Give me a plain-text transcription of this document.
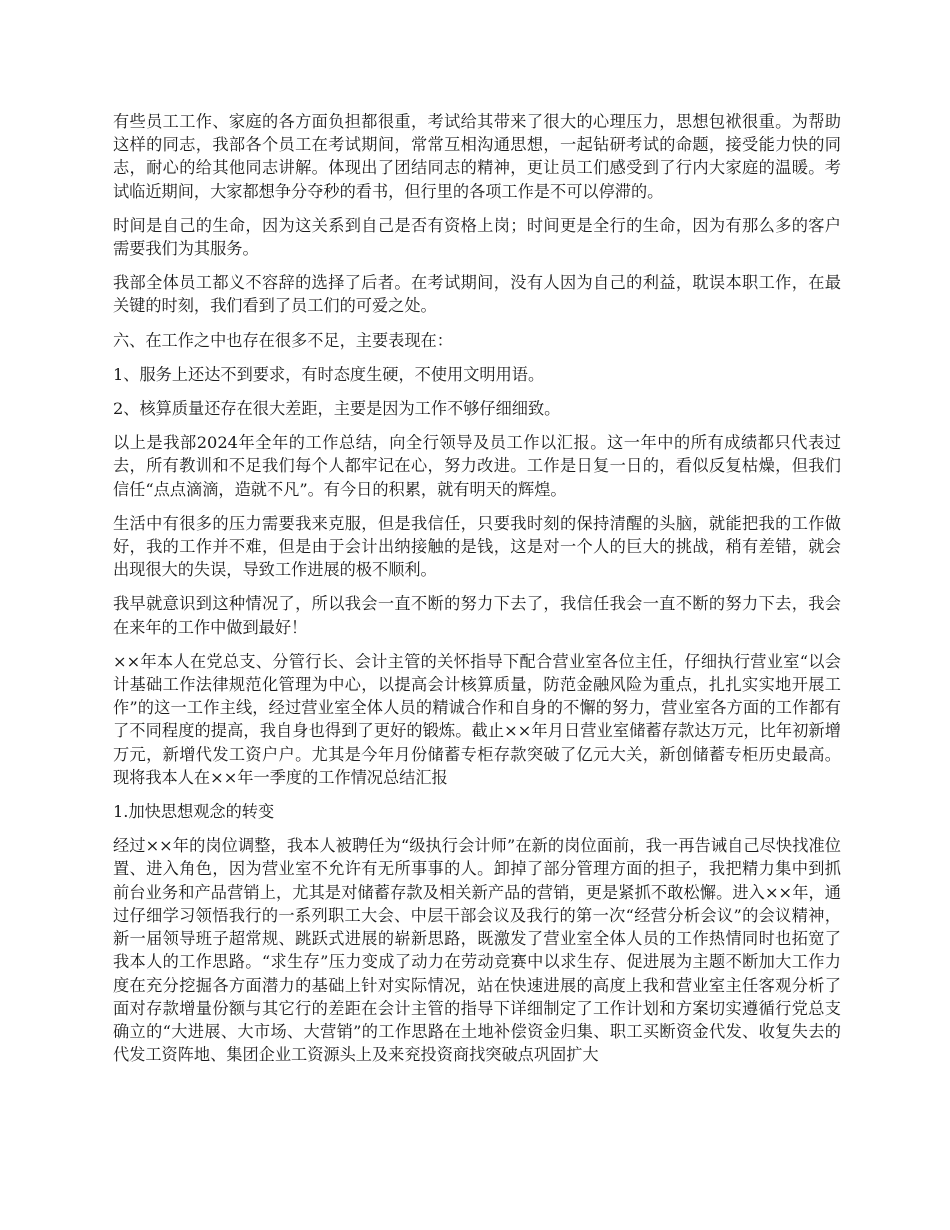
有些员工工作、家庭的各方面负担都很重，考试给其带来了很大的心理压力，思想包袱很重。为帮助这样的同志，我部各个员工在考试期间，常常互相沟通思想，一起钻研考试的命题，接受能力快的同志，耐心的给其他同志讲解。体现出了团结同志的精神，更让员工们感受到了行内大家庭的温暖。考试临近期间，大家都想争分夺秒的看书，但行里的各项工作是不可以停滞的。

时间是自己的生命，因为这关系到自己是否有资格上岗；时间更是全行的生命，因为有那么多的客户需要我们为其服务。

我部全体员工都义不容辞的选择了后者。在考试期间，没有人因为自己的利益，耽误本职工作，在最关键的时刻，我们看到了员工们的可爱之处。

六、在工作之中也存在很多不足，主要表现在：

1、服务上还达不到要求，有时态度生硬，不使用文明用语。

2、核算质量还存在很大差距，主要是因为工作不够仔细细致。

以上是我部2024年全年的工作总结，向全行领导及员工作以汇报。这一年中的所有成绩都只代表过去，所有教训和不足我们每个人都牢记在心，努力改进。工作是日复一日的，看似反复枯燥，但我们信任“点点滴滴，造就不凡”。有今日的积累，就有明天的辉煌。

生活中有很多的压力需要我来克服，但是我信任，只要我时刻的保持清醒的头脑，就能把我的工作做好，我的工作并不难，但是由于会计出纳接触的是钱，这是对一个人的巨大的挑战，稍有差错，就会出现很大的失误，导致工作进展的极不顺利。

我早就意识到这种情况了，所以我会一直不断的努力下去了，我信任我会一直不断的努力下去，我会在来年的工作中做到最好！

××年本人在党总支、分管行长、会计主管的关怀指导下配合营业室各位主任，仔细执行营业室“以会计基础工作法律规范化管理为中心，以提高会计核算质量，防范金融风险为重点，扎扎实实地开展工作”的这一工作主线，经过营业室全体人员的精诚合作和自身的不懈的努力，营业室各方面的工作都有了不同程度的提高，我自身也得到了更好的锻炼。截止××年月日营业室储蓄存款达万元，比年初新增万元，新增代发工资户户。尤其是今年月份储蓄专柜存款突破了亿元大关，新创储蓄专柜历史最高。现将我本人在××年一季度的工作情况总结汇报

1.加快思想观念的转变

经过××年的岗位调整，我本人被聘任为“级执行会计师”在新的岗位面前，我一再告诫自己尽快找准位置、进入角色，因为营业室不允许有无所事事的人。卸掉了部分管理方面的担子，我把精力集中到抓前台业务和产品营销上，尤其是对储蓄存款及相关新产品的营销，更是紧抓不敢松懈。进入××年，通过仔细学习领悟我行的一系列职工大会、中层干部会议及我行的第一次“经营分析会议”的会议精神，新一届领导班子超常规、跳跃式进展的崭新思路，既激发了营业室全体人员的工作热情同时也拓宽了我本人的工作思路。“求生存”压力变成了动力在劳动竞赛中以求生存、促进展为主题不断加大工作力度在充分挖掘各方面潜力的基础上针对实际情况，站在快速进展的高度上我和营业室主任客观分析了面对存款增量份额与其它行的差距在会计主管的指导下详细制定了工作计划和方案切实遵循行党总支确立的“大进展、大市场、大营销”的工作思路在土地补偿资金归集、职工买断资金代发、收复失去的代发工资阵地、集团企业工资源头上及来兖投资商找突破点巩固扩大
